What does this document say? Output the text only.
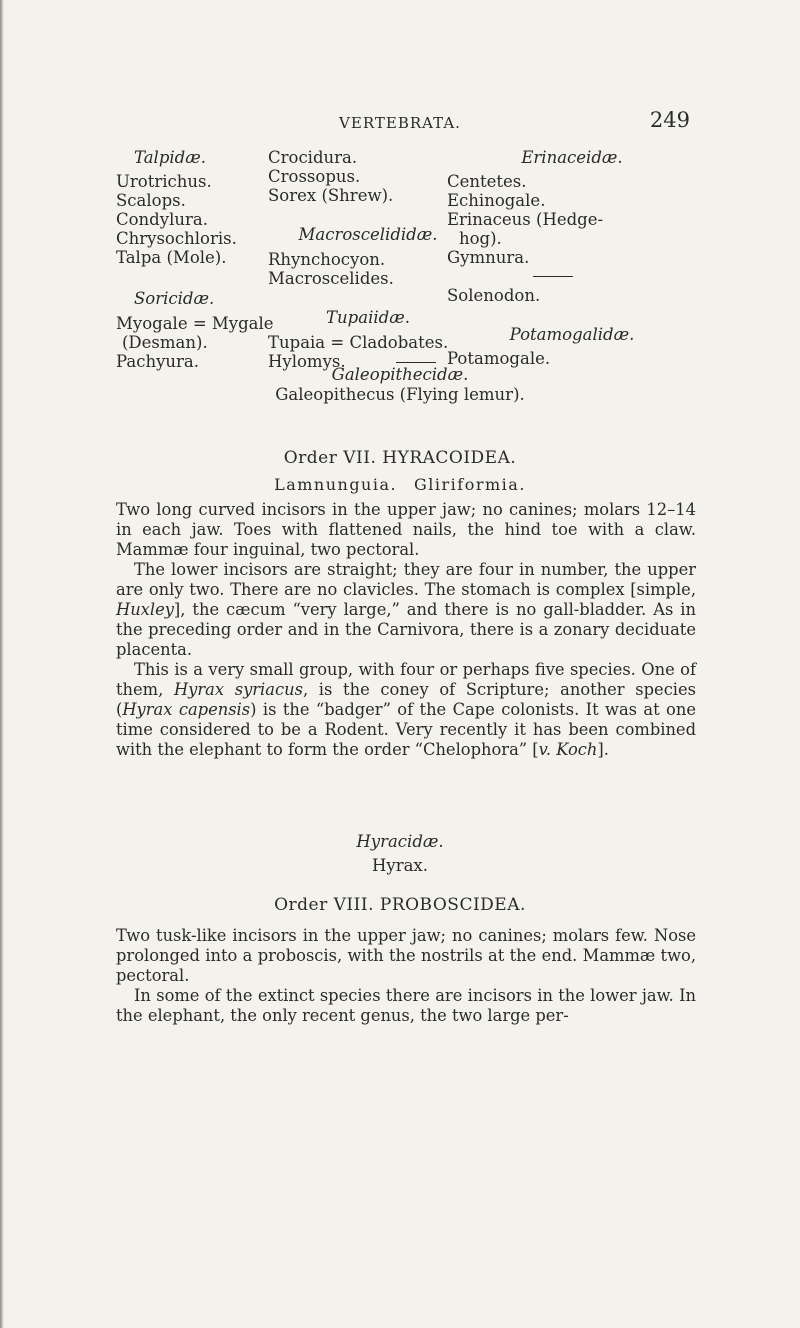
VERTEBRATA.	249

Talpidæ.

Urotrichus.

Scalops.

Condylura.

Chrysochloris.

Talpa (Mole).

Soricidæ.

Myogale = Mygale

(Desman).

Pachyura.

Crocidura.

Crossopus.

Sorex (Shrew).

Macroscelididæ.

Rhynchocyon.

Macroscelides.

Tupaiidæ.

Tupaia = Cladobates.

Hylomys.

Erinaceidæ.

Centetes.

Echinogale.

Erinaceus (Hedge-

hog).

Gymnura.

Solenodon.

Potamogalidæ.

Potamogale.

Galeopithecidæ.

Galeopithecus (Flying lemur).

Order VII. HYRACOIDEA.
Lamnunguia. Gliriformia.

Two long curved incisors in the upper jaw; no canines; molars 12–14 in each jaw. Toes with flattened nails, the hind toe with a claw. Mammæ four inguinal, two pectoral.

The lower incisors are straight; they are four in number, the upper are only two. There are no clavicles. The stomach is complex [simple, Huxley], the cæcum “very large,” and there is no gall-bladder. As in the preceding order and in the Carnivora, there is a zonary deciduate placenta.

This is a very small group, with four or perhaps five species. One of them, Hyrax syriacus, is the coney of Scripture; another species (Hyrax capensis) is the “badger” of the Cape colonists. It was at one time considered to be a Rodent. Very recently it has been combined with the elephant to form the order “Chelophora” [v. Koch].

Hyracidæ.

Hyrax.

Order VIII. PROBOSCIDEA.

Two tusk-like incisors in the upper jaw; no canines; molars few. Nose prolonged into a proboscis, with the nostrils at the end. Mammæ two, pectoral.

In some of the extinct species there are incisors in the lower jaw. In the elephant, the only recent genus, the two large per-
